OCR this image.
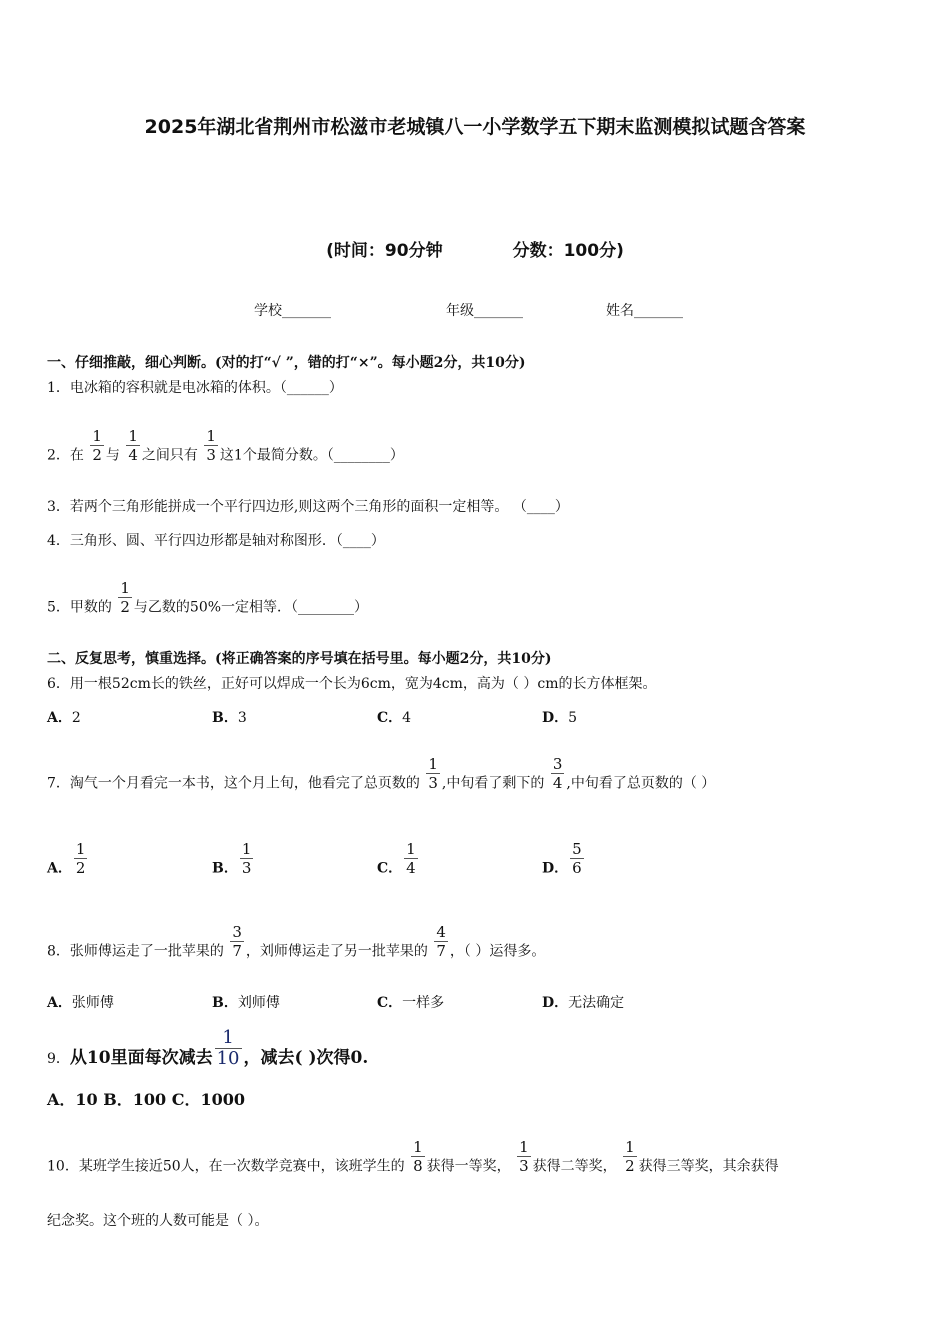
2025年湖北省荆州市松滋市老城镇八一小学数学五下期末监测模拟试题含答案
(时间：90分钟	分数：100分)
学校_______	年级_______	姓名_______
一、仔细推敲，细心判断。(对的打“√ ”，错的打“×”。每小题2分，共10分)
1．电冰箱的容积就是电冰箱的体积。（______）
2．在 $\frac{1}{2}$ 与 $\frac{1}{4}$ 之间只有 $\frac{1}{3}$ 这1个最简分数。（________）
3．若两个三角形能拼成一个平行四边形,则这两个三角形的面积一定相等。 （____）
4．三角形、圆、平行四边形都是轴对称图形．（____）
5．甲数的 $\frac{1}{2}$ 与乙数的50%一定相等．（________）
二、反复思考，慎重选择。(将正确答案的序号填在括号里。每小题2分，共10分)
6．用一根52cm长的铁丝，正好可以焊成一个长为6cm，宽为4cm，高为（ ）cm的长方体框架。
A．2	B．3	C．4	D．5
7．淘气一个月看完一本书，这个月上旬，他看完了总页数的 $\frac{1}{3}$ ,中旬看了剩下的 $\frac{3}{4}$ ,中旬看了总页数的（ ）
A． $\frac{1}{2}$	B． $\frac{1}{3}$	C． $\frac{1}{4}$	D． $\frac{5}{6}$
8．张师傅运走了一批苹果的 $\frac{3}{7}$ ，刘师傅运走了另一批苹果的 $\frac{4}{7}$ ，（ ）运得多。
A．张师傅	B．刘师傅	C．一样多	D．无法确定
9．从10里面每次减去 $\frac{1}{10}$ ，减去( )次得0.
A．10 B．100 C．1000
10．某班学生接近50人，在一次数学竞赛中，该班学生的 $\frac{1}{8}$ 获得一等奖， $\frac{1}{3}$ 获得二等奖， $\frac{1}{2}$ 获得三等奖，其余获得
纪念奖。这个班的人数可能是（ ）。
